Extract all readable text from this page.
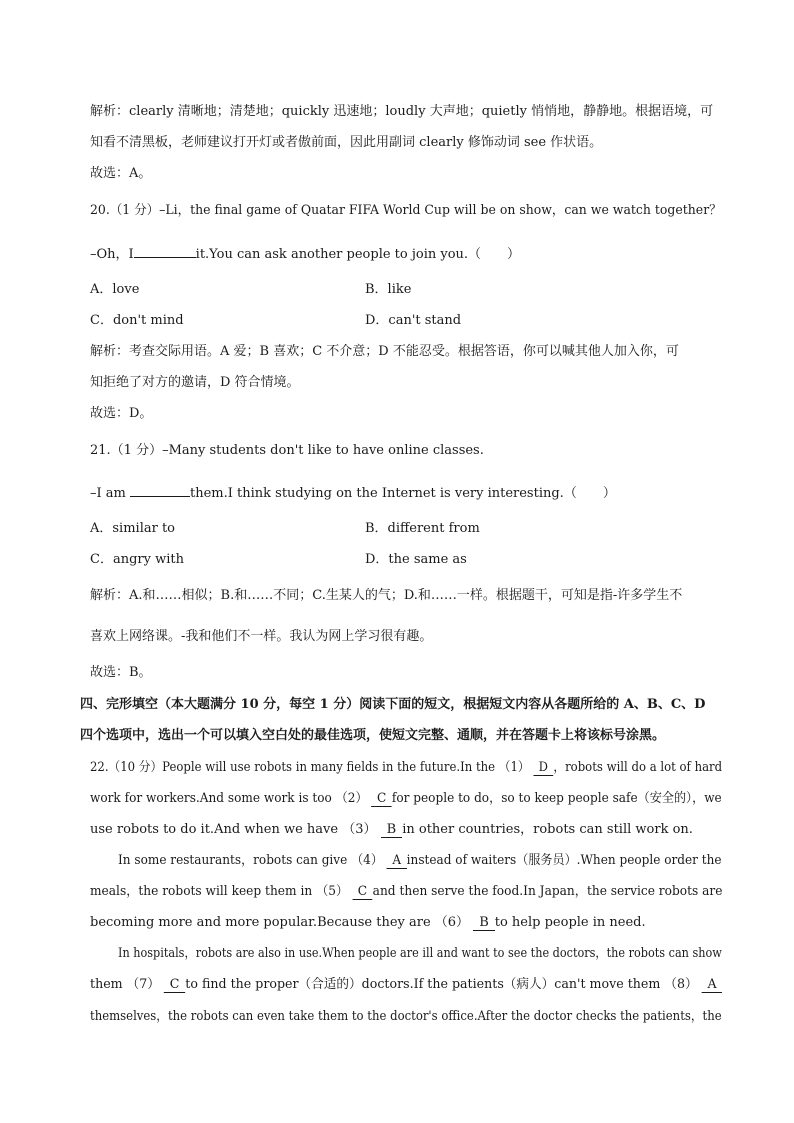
解析：clearly 清晰地；清楚地；quickly 迅速地；loudly 大声地；quietly 悄悄地，静静地。根据语境，可
知看不清黑板，老师建议打开灯或者傲前面，因此用副词 clearly 修饰动词 see 作状语。
故选：A。
20.（1 分）–Li，the final game of Quatar FIFA World Cup will be on show，can we watch together？
–Oh，I	it.You can ask another people to join you.（　　）
A．love	B．like
C．don't mind	D．can't stand
解析：考查交际用语。A 爱；B 喜欢；C 不介意；D 不能忍受。根据答语，你可以喊其他人加入你，可
知拒绝了对方的邀请，D 符合情境。
故选：D。
21.（1 分）–Many students don't like to have online classes.
–I am	them.I think studying on the Internet is very interesting.（　　）
A．similar to	B．different from
C．angry with	D．the same as
解析：A.和……相似；B.和……不同；C.生某人的气；D.和……一样。根据题干，可知是指-许多学生不
喜欢上网络课。-我和他们不一样。我认为网上学习很有趣。
故选：B。
四、完形填空（本大题满分 10 分，每空 1 分）阅读下面的短文，根据短文内容从各题所给的 A、B、C、D
四个选项中，选出一个可以填入空白处的最佳选项，使短文完整、通顺，并在答题卡上将该标号涂黑。
22.（10 分）People will use robots in many fields in the future.In the （1） D ，robots will do a lot of hard
work for workers.And some work is too （2） C for people to do，so to keep people safe（安全的），we
use robots to do it.And when we have （3） B in other countries，robots can still work on.
In some restaurants，robots can give （4） A instead of waiters（服务员）.When people order the
meals，the robots will keep them in （5） C and then serve the food.In Japan，the service robots are
becoming more and more popular.Because they are （6） B to help people in need.
In hospitals，robots are also in use.When people are ill and want to see the doctors，the robots can show
them （7） C to find the proper（合适的）doctors.If the patients（病人）can't move them （8） A
themselves，the robots can even take them to the doctor's office.After the doctor checks the patients，the
